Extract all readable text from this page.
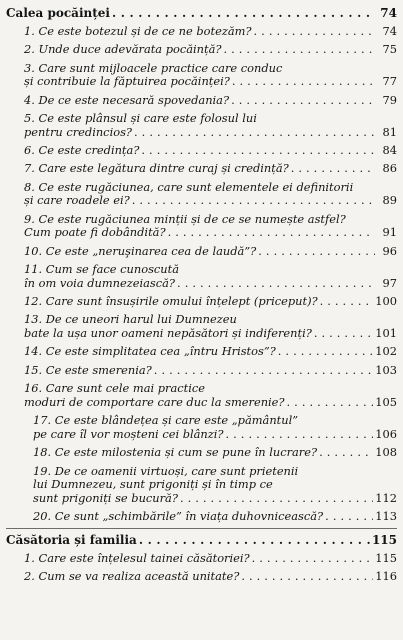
Calea pocăinței . . .	74
1. Ce este botezul și de ce ne botezăm? . . .	74
2. Unde duce adevărata pocăință? . . .	75
3. Care sunt mijloacele practice care conduc
și contribuie la făptuirea pocăinței? . . .	77
4. De ce este necesară spovedania? . . .	79
5. Ce este plânsul și care este folosul lui
pentru credincios? . . .	81
6. Ce este credința? . . .	84
7. Care este legătura dintre curaj și credință? . . .	86
8. Ce este rugăciunea, care sunt elementele ei definitorii
și care roadele ei? . . .	89
9. Ce este rugăciunea minții și de ce se numește astfel?
Cum poate fi dobândită? . . .	91
10. Ce este „neruşinarea cea de laudă”? . . .	96
11. Cum se face cunoscută
în om voia dumnezeiască? . . .	97
12. Care sunt însușirile omului înțelept (priceput)? . . .	100
13. De ce uneori harul lui Dumnezeu
bate la ușa unor oameni nepăsători și indiferenți? . . .	101
14. Ce este simplitatea cea „întru Hristos”? . . .	102
15. Ce este smerenia? . . .	103
16. Care sunt cele mai practice
moduri de comportare care duc la smerenie? . . .	105
17. Ce este blândețea și care este „pământul”
pe care îl vor moșteni cei blânzi? . . .	106
18. Ce este milostenia și cum se pune în lucrare? . . .	108
19. De ce oamenii virtuoși, care sunt prietenii
lui Dumnezeu, sunt prigoniți și în timp ce
sunt prigoniți se bucură? . . .	112
20. Ce sunt „schimbările” în viața duhovnicească? . . .	113
Căsătoria și familia . . .	115
1. Care este înțelesul tainei căsătoriei? . . .	115
2. Cum se va realiza această unitate? . . .	116
